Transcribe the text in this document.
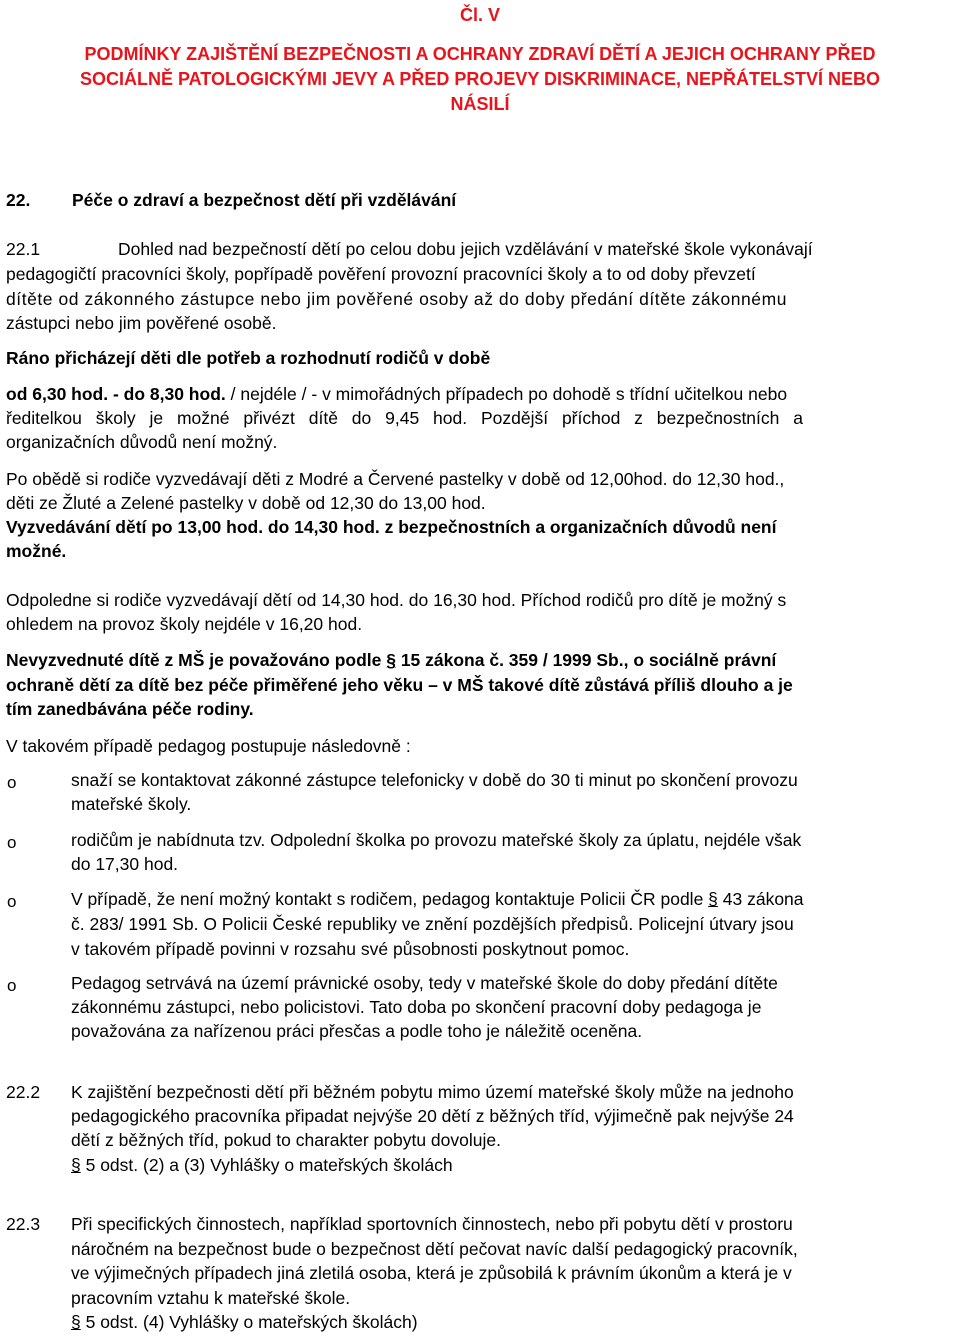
Čl. V
PODMÍNKY ZAJIŠTĚNÍ BEZPEČNOSTI A OCHRANY ZDRAVÍ DĚTÍ A JEJICH OCHRANY PŘED
SOCIÁLNĚ PATOLOGICKÝMI JEVY A PŘED PROJEVY DISKRIMINACE, NEPŘÁTELSTVÍ NEBO
NÁSILÍ
22. Péče o zdraví a bezpečnost dětí při vzdělávání
22.1	Dohled nad bezpečností dětí po celou dobu jejich vzdělávání v mateřské škole vykonávají
pedagogičtí pracovníci školy, popřípadě pověření provozní pracovníci školy a to od doby převzetí
dítěte od zákonného zástupce nebo jim pověřené osoby až do doby předání dítěte zákonnému
zástupci nebo jim pověřené osobě.
Ráno přicházejí děti dle potřeb a rozhodnutí rodičů v době
od 6,30 hod. - do 8,30 hod. / nejdéle / - v mimořádných případech po dohodě s třídní učitelkou nebo
ředitelkou školy je možné přivézt dítě do 9,45 hod. Pozdější příchod z bezpečnostních a
organizačních důvodů není možný.
Po obědě si rodiče vyzvedávají děti z Modré a Červené pastelky v době od 12,00hod. do 12,30 hod.,
děti ze Žluté a Zelené pastelky v době od 12,30 do 13,00 hod.
Vyzvedávání dětí po 13,00 hod. do 14,30 hod. z bezpečnostních a organizačních důvodů není
možné.
Odpoledne si rodiče vyzvedávají dětí od 14,30 hod. do 16,30 hod. Příchod rodičů pro dítě je možný s
ohledem na provoz školy nejdéle v 16,20 hod.
Nevyzvednuté dítě z MŠ je považováno podle § 15 zákona č. 359 / 1999 Sb., o sociálně právní
ochraně dětí za dítě bez péče přiměřené jeho věku – v MŠ takové dítě zůstává příliš dlouho a je
tím zanedbávána péče rodiny.
V takovém případě pedagog postupuje následovně :
o	snaží se kontaktovat zákonné zástupce telefonicky v době do 30 ti minut po skončení provozu
mateřské školy.
o	rodičům je nabídnuta tzv. Odpolední školka po provozu mateřské školy za úplatu, nejdéle však
do 17,30 hod.
o	V případě, že není možný kontakt s rodičem, pedagog kontaktuje Policii ČR podle § 43 zákona
č. 283/ 1991 Sb. O Policii České republiky ve znění pozdějších předpisů. Policejní útvary jsou
v takovém případě povinni v rozsahu své působnosti poskytnout pomoc.
o	Pedagog setrvává na území právnické osoby, tedy v mateřské škole do doby předání dítěte
zákonnému zástupci, nebo policistovi. Tato doba po skončení pracovní doby pedagoga je
považována za nařízenou práci přesčas a podle toho je náležitě oceněna.
22.2 K zajištění bezpečnosti dětí při běžném pobytu mimo území mateřské školy může na jednoho
pedagogického pracovníka připadat nejvýše 20 dětí z běžných tříd, výjimečně pak nejvýše 24
dětí z běžných tříd, pokud to charakter pobytu dovoluje.
§ 5 odst. (2) a (3) Vyhlášky o mateřských školách
22.3 Při specifických činnostech, například sportovních činnostech, nebo při pobytu dětí v prostoru
náročném na bezpečnost bude o bezpečnost dětí pečovat navíc další pedagogický pracovník,
ve výjimečných případech jiná zletilá osoba, která je způsobilá k právním úkonům a která je v
pracovním vztahu k mateřské škole.
§ 5 odst. (4) Vyhlášky o mateřských školách)
